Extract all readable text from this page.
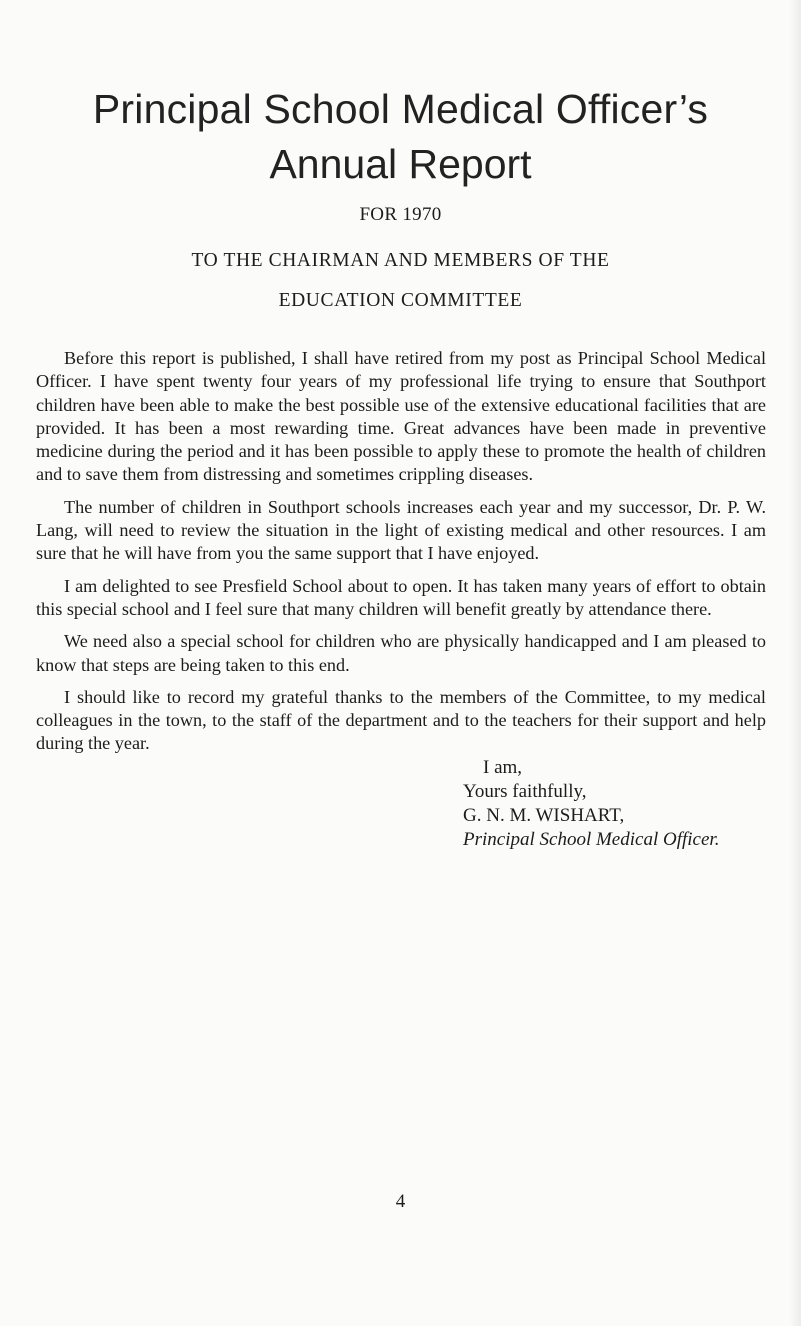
Principal School Medical Officer’s
Annual Report
FOR 1970
TO THE CHAIRMAN AND MEMBERS OF THE
EDUCATION COMMITTEE

Before this report is published, I shall have retired from my post as Principal School Medical Officer. I have spent twenty four years of my professional life trying to ensure that Southport children have been able to make the best possible use of the extensive educational facilities that are provided. It has been a most rewarding time. Great advances have been made in preventive medicine during the period and it has been possible to apply these to promote the health of children and to save them from distressing and sometimes crippling diseases.

The number of children in Southport schools increases each year and my successor, Dr. P. W. Lang, will need to review the situation in the light of existing medical and other resources. I am sure that he will have from you the same support that I have enjoyed.

I am delighted to see Presfield School about to open. It has taken many years of effort to obtain this special school and I feel sure that many children will benefit greatly by attendance there.

We need also a special school for children who are physically handicapped and I am pleased to know that steps are being taken to this end.

I should like to record my grateful thanks to the members of the Committee, to my medical colleagues in the town, to the staff of the department and to the teachers for their support and help during the year.

I am,
Yours faithfully,
G. N. M. WISHART,
Principal School Medical Officer.
4
